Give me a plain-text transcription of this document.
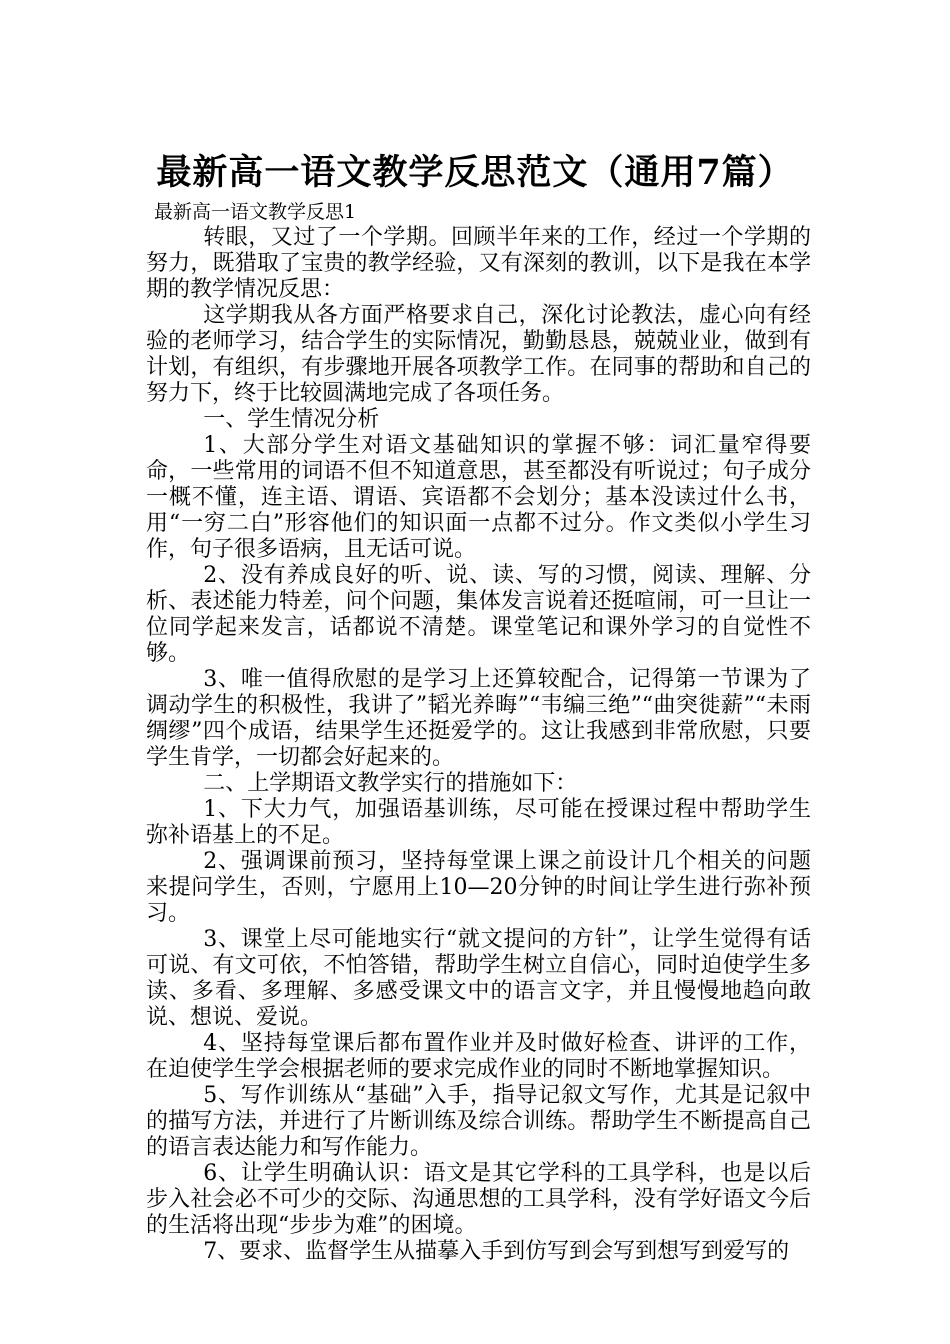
最新高一语文教学反思范文（通用7篇）
最新高一语文教学反思1

转眼，又过了一个学期。回顾半年来的工作，经过一个学期的努力，既猎取了宝贵的教学经验，又有深刻的教训，以下是我在本学期的教学情况反思：

这学期我从各方面严格要求自己，深化讨论教法，虚心向有经验的老师学习，结合学生的实际情况，勤勤恳恳，兢兢业业，做到有计划，有组织，有步骤地开展各项教学工作。在同事的帮助和自己的努力下，终于比较圆满地完成了各项任务。

一、学生情况分析

1、大部分学生对语文基础知识的掌握不够：词汇量窄得要命，一些常用的词语不但不知道意思，甚至都没有听说过；句子成分一概不懂，连主语、谓语、宾语都不会划分；基本没读过什么书，用“一穷二白”形容他们的知识面一点都不过分。作文类似小学生习作，句子很多语病，且无话可说。

2、没有养成良好的听、说、读、写的习惯，阅读、理解、分析、表述能力特差，问个问题，集体发言说着还挺喧闹，可一旦让一位同学起来发言，话都说不清楚。课堂笔记和课外学习的自觉性不够。

3、唯一值得欣慰的是学习上还算较配合，记得第一节课为了调动学生的积极性，我讲了”韬光养晦”“韦编三绝”“曲突徙薪”“未雨绸缪”四个成语，结果学生还挺爱学的。这让我感到非常欣慰，只要学生肯学，一切都会好起来的。

二、上学期语文教学实行的措施如下：

1、下大力气，加强语基训练，尽可能在授课过程中帮助学生弥补语基上的不足。

2、强调课前预习，坚持每堂课上课之前设计几个相关的问题来提问学生，否则，宁愿用上10—20分钟的时间让学生进行弥补预习。

3、课堂上尽可能地实行“就文提问的方针”，让学生觉得有话可说、有文可依，不怕答错，帮助学生树立自信心，同时迫使学生多读、多看、多理解、多感受课文中的语言文字，并且慢慢地趋向敢说、想说、爱说。

4、坚持每堂课后都布置作业并及时做好检查、讲评的工作，在迫使学生学会根据老师的要求完成作业的同时不断地掌握知识。

5、写作训练从“基础”入手，指导记叙文写作，尤其是记叙中的描写方法，并进行了片断训练及综合训练。帮助学生不断提高自己的语言表达能力和写作能力。

6、让学生明确认识：语文是其它学科的工具学科，也是以后步入社会必不可少的交际、沟通思想的工具学科，没有学好语文今后的生活将出现“步步为难”的困境。

7、要求、监督学生从描摹入手到仿写到会写到想写到爱写的
